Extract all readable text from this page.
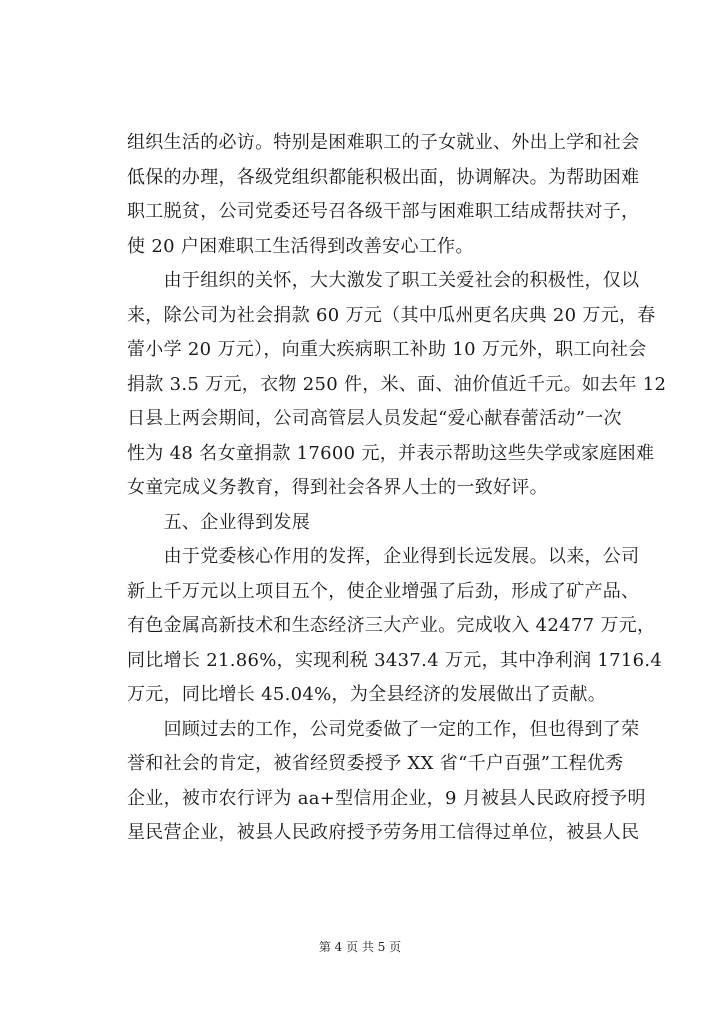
组织生活的必访。特别是困难职工的子女就业、外出上学和社会
低保的办理，各级党组织都能积极出面，协调解决。为帮助困难
职工脱贫，公司党委还号召各级干部与困难职工结成帮扶对子，
使 20 户困难职工生活得到改善安心工作。
　　由于组织的关怀，大大激发了职工关爱社会的积极性，仅以
来，除公司为社会捐款 60 万元（其中瓜州更名庆典 20 万元，春
蕾小学 20 万元），向重大疾病职工补助 10 万元外，职工向社会
捐款 3.5 万元，衣物 250 件，米、面、油价值近千元。如去年 12
日县上两会期间，公司高管层人员发起“爱心献春蕾活动”一次
性为 48 名女童捐款 17600 元，并表示帮助这些失学或家庭困难
女童完成义务教育，得到社会各界人士的一致好评。
　　五、企业得到发展
　　由于党委核心作用的发挥，企业得到长远发展。以来，公司
新上千万元以上项目五个，使企业增强了后劲，形成了矿产品、
有色金属高新技术和生态经济三大产业。完成收入 42477 万元，
同比增长 21.86%，实现利税 3437.4 万元，其中净利润 1716.4
万元，同比增长 45.04%，为全县经济的发展做出了贡献。
　　回顾过去的工作，公司党委做了一定的工作，但也得到了荣
誉和社会的肯定，被省经贸委授予 XX 省“千户百强”工程优秀
企业，被市农行评为 aa+型信用企业，9 月被县人民政府授予明
星民营企业，被县人民政府授予劳务用工信得过单位，被县人民
第 4 页 共 5 页
